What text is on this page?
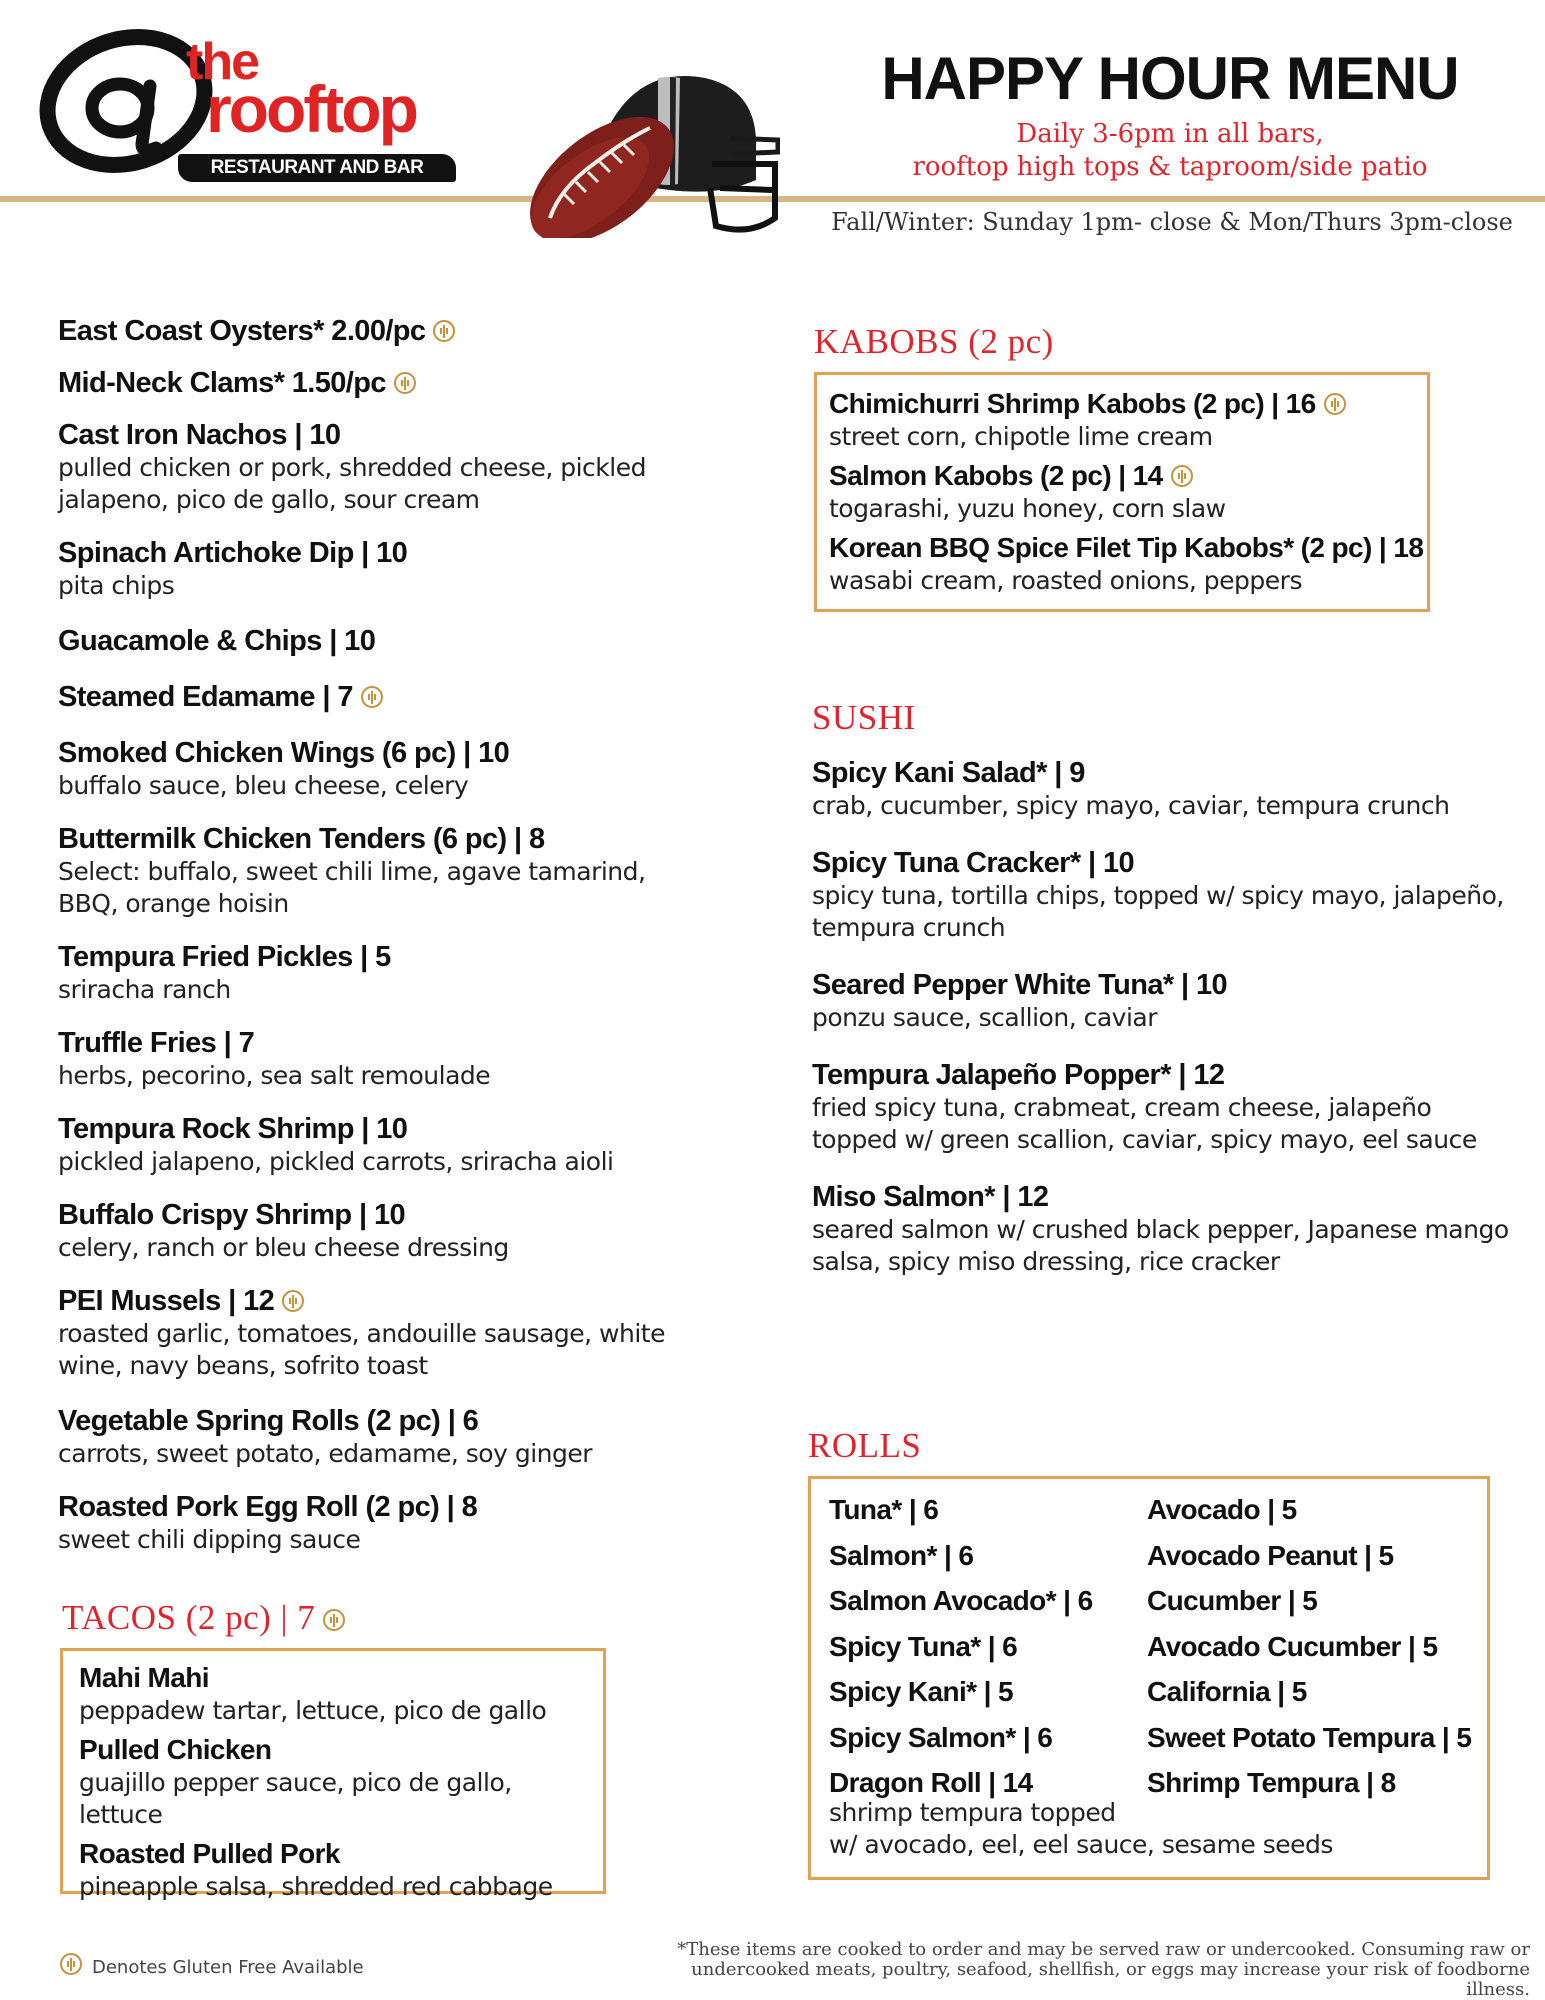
the
rooftop
RESTAURANT AND BAR
HAPPY HOUR MENU
Daily 3-6pm in all bars,
rooftop high tops & taproom/side patio
Fall/Winter: Sunday 1pm- close & Mon/Thurs 3pm-close
East Coast Oysters* 2.00/pc
Mid-Neck Clams* 1.50/pc
Cast Iron Nachos | 10
pulled chicken or pork, shredded cheese, pickled jalapeno, pico de gallo, sour cream
Spinach Artichoke Dip | 10
pita chips
Guacamole & Chips | 10
Steamed Edamame | 7
Smoked Chicken Wings (6 pc) | 10
buffalo sauce, bleu cheese, celery
Buttermilk Chicken Tenders (6 pc) | 8
Select: buffalo, sweet chili lime, agave tamarind, BBQ, orange hoisin
Tempura Fried Pickles | 5
sriracha ranch
Truffle Fries | 7
herbs, pecorino, sea salt remoulade
Tempura Rock Shrimp | 10
pickled jalapeno, pickled carrots, sriracha aioli
Buffalo Crispy Shrimp | 10
celery, ranch or bleu cheese dressing
PEI Mussels | 12
roasted garlic, tomatoes, andouille sausage, white wine, navy beans, sofrito toast
Vegetable Spring Rolls (2 pc) | 6
carrots, sweet potato, edamame, soy ginger
Roasted Pork Egg Roll (2 pc) | 8
sweet chili dipping sauce
TACOS (2 pc) | 7
Mahi Mahi
peppadew tartar, lettuce, pico de gallo
Pulled Chicken
guajillo pepper sauce, pico de gallo, lettuce
Roasted Pulled Pork
pineapple salsa, shredded red cabbage
KABOBS (2 pc)
Chimichurri Shrimp Kabobs (2 pc) | 16
street corn, chipotle lime cream
Salmon Kabobs (2 pc) | 14
togarashi, yuzu honey, corn slaw
Korean BBQ Spice Filet Tip Kabobs* (2 pc) | 18
wasabi cream, roasted onions, peppers
SUSHI
Spicy Kani Salad* | 9
crab, cucumber, spicy mayo, caviar, tempura crunch
Spicy Tuna Cracker* | 10
spicy tuna, tortilla chips, topped w/ spicy mayo, jalapeño, tempura crunch
Seared Pepper White Tuna* | 10
ponzu sauce, scallion, caviar
Tempura Jalapeño Popper* | 12
fried spicy tuna, crabmeat, cream cheese, jalapeño topped w/ green scallion, caviar, spicy mayo, eel sauce
Miso Salmon* | 12
seared salmon w/ crushed black pepper, Japanese mango salsa, spicy miso dressing, rice cracker
ROLLS
Tuna* | 6
Salmon* | 6
Salmon Avocado* | 6
Spicy Tuna* | 6
Spicy Kani* | 5
Spicy Salmon* | 6
Dragon Roll | 14
Avocado | 5
Avocado Peanut | 5
Cucumber | 5
Avocado Cucumber | 5
California | 5
Sweet Potato Tempura | 5
Shrimp Tempura | 8
shrimp tempura topped
w/ avocado, eel, eel sauce, sesame seeds
Denotes Gluten Free Available
*These items are cooked to order and may be served raw or undercooked. Consuming raw or
undercooked meats, poultry, seafood, shellfish, or eggs may increase your risk of foodborne illness.
